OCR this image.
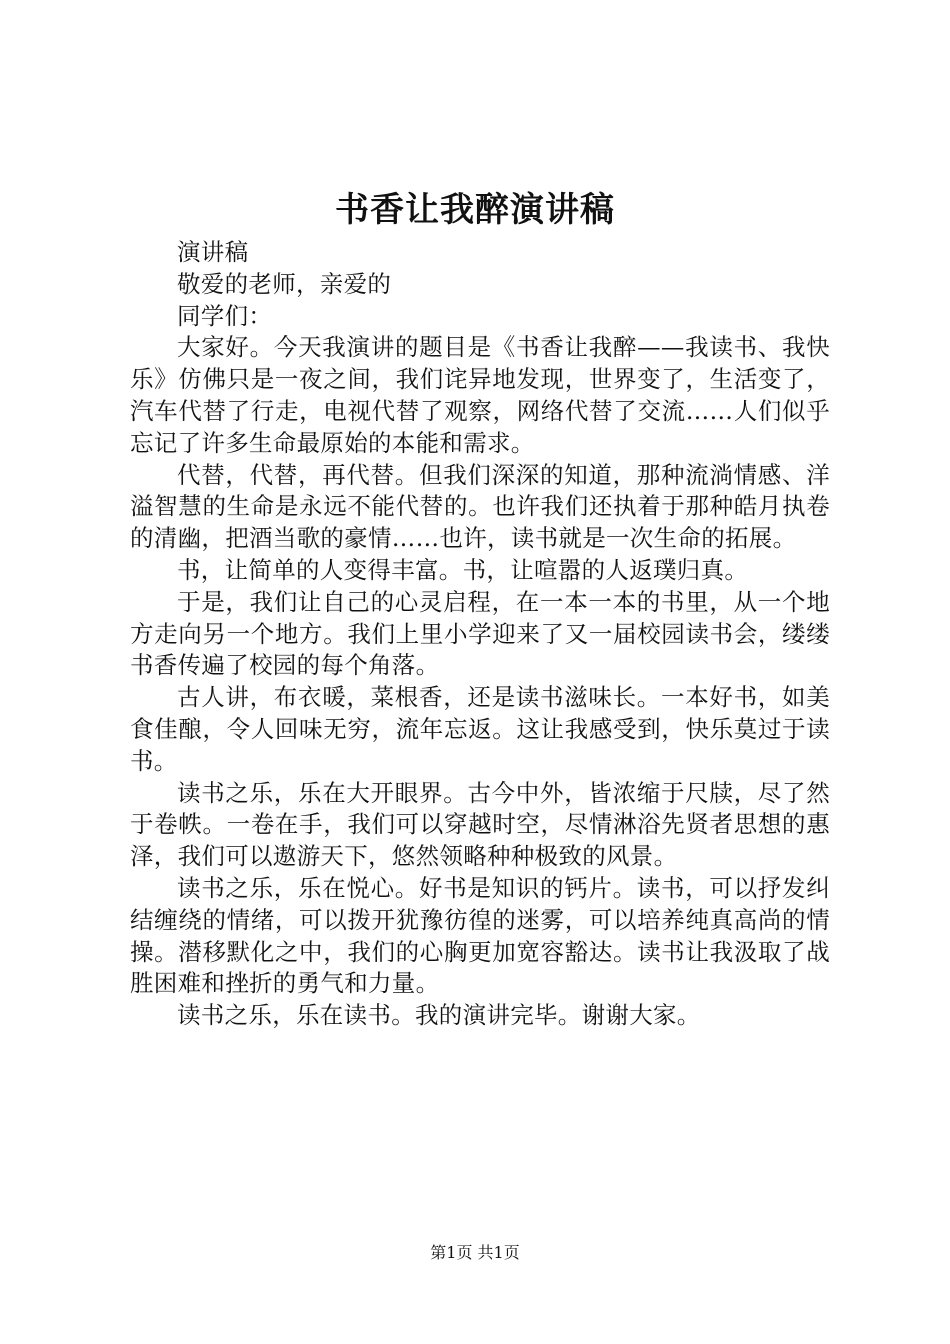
书香让我醉演讲稿

演讲稿

敬爱的老师，亲爱的

同学们：

大家好。今天我演讲的题目是《书香让我醉——我读书、我快乐》仿佛只是一夜之间，我们诧异地发现，世界变了，生活变了，汽车代替了行走，电视代替了观察，网络代替了交流……人们似乎忘记了许多生命最原始的本能和需求。

代替，代替，再代替。但我们深深的知道，那种流淌情感、洋溢智慧的生命是永远不能代替的。也许我们还执着于那种皓月执卷的清幽，把酒当歌的豪情……也许，读书就是一次生命的拓展。

书，让简单的人变得丰富。书，让喧嚣的人返璞归真。

于是，我们让自己的心灵启程，在一本一本的书里，从一个地方走向另一个地方。我们上里小学迎来了又一届校园读书会，缕缕书香传遍了校园的每个角落。

古人讲，布衣暖，菜根香，还是读书滋味长。一本好书，如美食佳酿，令人回味无穷，流年忘返。这让我感受到，快乐莫过于读书。

读书之乐，乐在大开眼界。古今中外，皆浓缩于尺牍，尽了然于卷帙。一卷在手，我们可以穿越时空，尽情淋浴先贤者思想的惠泽，我们可以遨游天下，悠然领略种种极致的风景。

读书之乐，乐在悦心。好书是知识的钙片。读书，可以抒发纠结缠绕的情绪，可以拨开犹豫彷徨的迷雾，可以培养纯真高尚的情操。潜移默化之中，我们的心胸更加宽容豁达。读书让我汲取了战胜困难和挫折的勇气和力量。

读书之乐，乐在读书。我的演讲完毕。谢谢大家。

第1页 共1页
